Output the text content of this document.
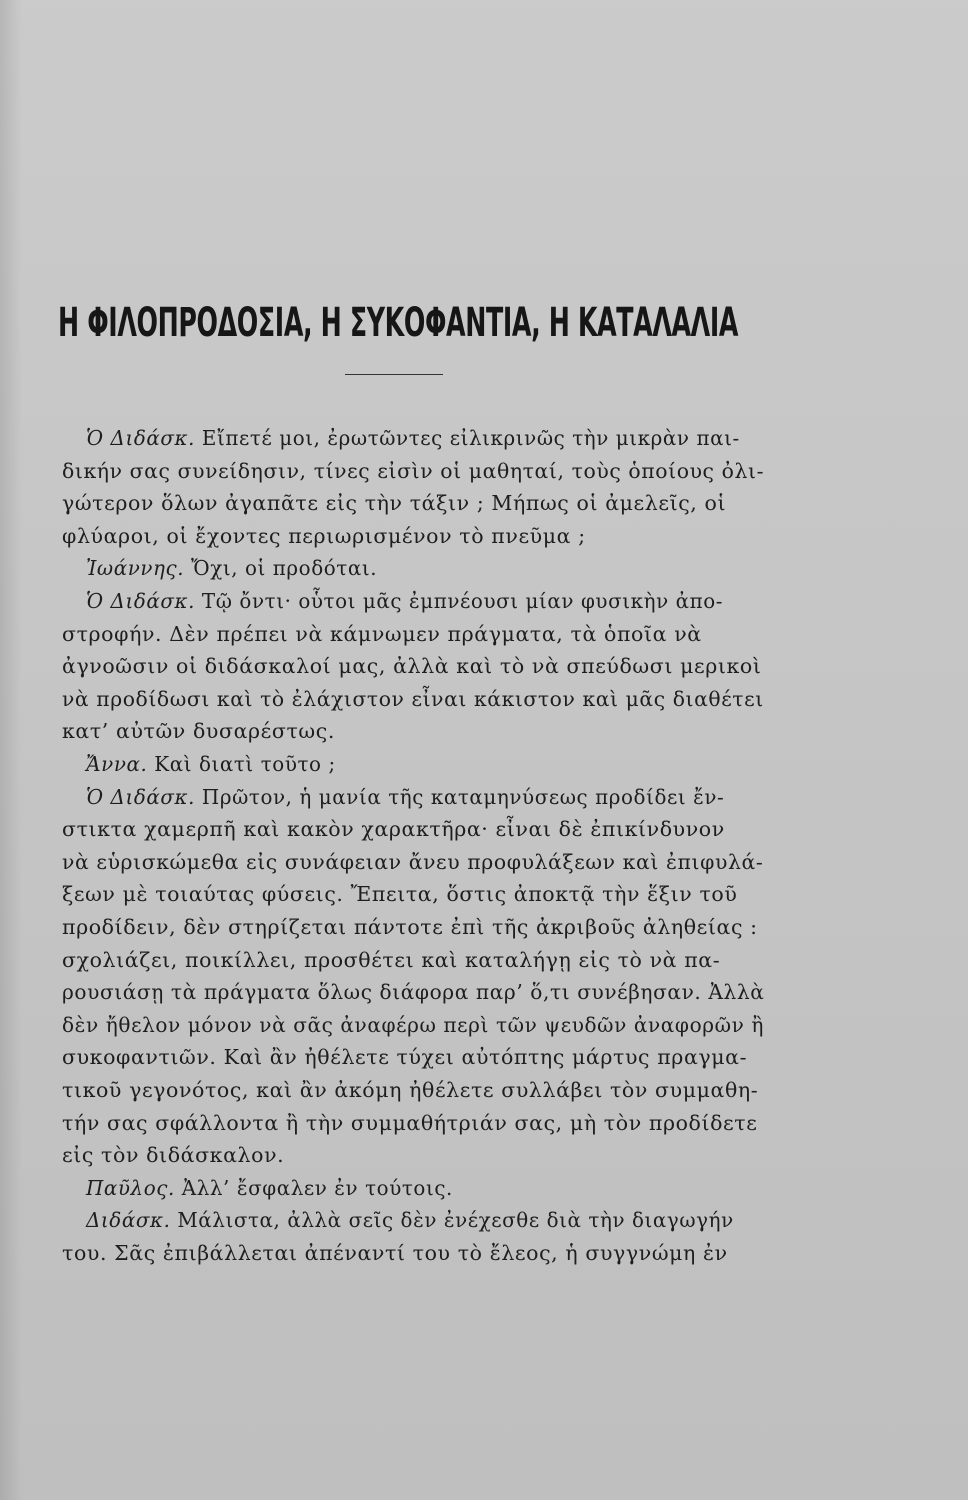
Η ΦΙΛΟΠΡΟΔΟΣΙΑ, Η ΣΥΚΟΦΑΝΤΙΑ, Η ΚΑΤΑΛΑΛΙΑ
Ὁ Διδάσκ. Εἴπετέ μοι, ἐρωτῶντες εἰλικρινῶς τὴν μικρὰν παι-
δικήν σας συνείδησιν, τίνες εἰσὶν οἱ μαθηταί, τοὺς ὁποίους ὀλι-
γώτερον ὅλων ἀγαπᾶτε εἰς τὴν τάξιν ; Μήπως οἱ ἀμελεῖς, οἱ
φλύαροι, οἱ ἔχοντες περιωρισμένον τὸ πνεῦμα ;
Ἰωάννης. Ὄχι, οἱ προδόται.
Ὁ Διδάσκ. Τῷ ὄντι· οὗτοι μᾶς ἐμπνέουσι μίαν φυσικὴν ἀπο-
στροφήν. Δὲν πρέπει νὰ κάμνωμεν πράγματα, τὰ ὁποῖα νὰ
ἀγνοῶσιν οἱ διδάσκαλοί μας, ἀλλὰ καὶ τὸ νὰ σπεύδωσι μερικοὶ
νὰ προδίδωσι καὶ τὸ ἐλάχιστον εἶναι κάκιστον καὶ μᾶς διαθέτει
κατ’ αὐτῶν δυσαρέστως.
Ἄννα. Καὶ διατὶ τοῦτο ;
Ὁ Διδάσκ. Πρῶτον, ἡ μανία τῆς καταμηνύσεως προδίδει ἔν-
στικτα χαμερπῆ καὶ κακὸν χαρακτῆρα· εἶναι δὲ ἐπικίνδυνον
νὰ εὑρισκώμεθα εἰς συνάφειαν ἄνευ προφυλάξεων καὶ ἐπιφυλά-
ξεων μὲ τοιαύτας φύσεις. Ἔπειτα, ὅστις ἀποκτᾷ τὴν ἕξιν τοῦ
προδίδειν, δὲν στηρίζεται πάντοτε ἐπὶ τῆς ἀκριβοῦς ἀληθείας :
σχολιάζει, ποικίλλει, προσθέτει καὶ καταλήγῃ εἰς τὸ νὰ πα-
ρουσιάσῃ τὰ πράγματα ὅλως διάφορα παρ’ ὅ,τι συνέβησαν. Ἀλλὰ
δὲν ἤθελον μόνον νὰ σᾶς ἀναφέρω περὶ τῶν ψευδῶν ἀναφορῶν ἢ
συκοφαντιῶν. Καὶ ἂν ἠθέλετε τύχει αὐτόπτης μάρτυς πραγμα-
τικοῦ γεγονότος, καὶ ἂν ἀκόμη ἠθέλετε συλλάβει τὸν συμμαθη-
τήν σας σφάλλοντα ἢ τὴν συμμαθήτριάν σας, μὴ τὸν προδίδετε
εἰς τὸν διδάσκαλον.
Παῦλος. Ἀλλ’ ἔσφαλεν ἐν τούτοις.
Διδάσκ. Μάλιστα, ἀλλὰ σεῖς δὲν ἐνέχεσθε διὰ τὴν διαγωγήν
του. Σᾶς ἐπιβάλλεται ἀπέναντί του τὸ ἔλεος, ἡ συγγνώμη ἐν
